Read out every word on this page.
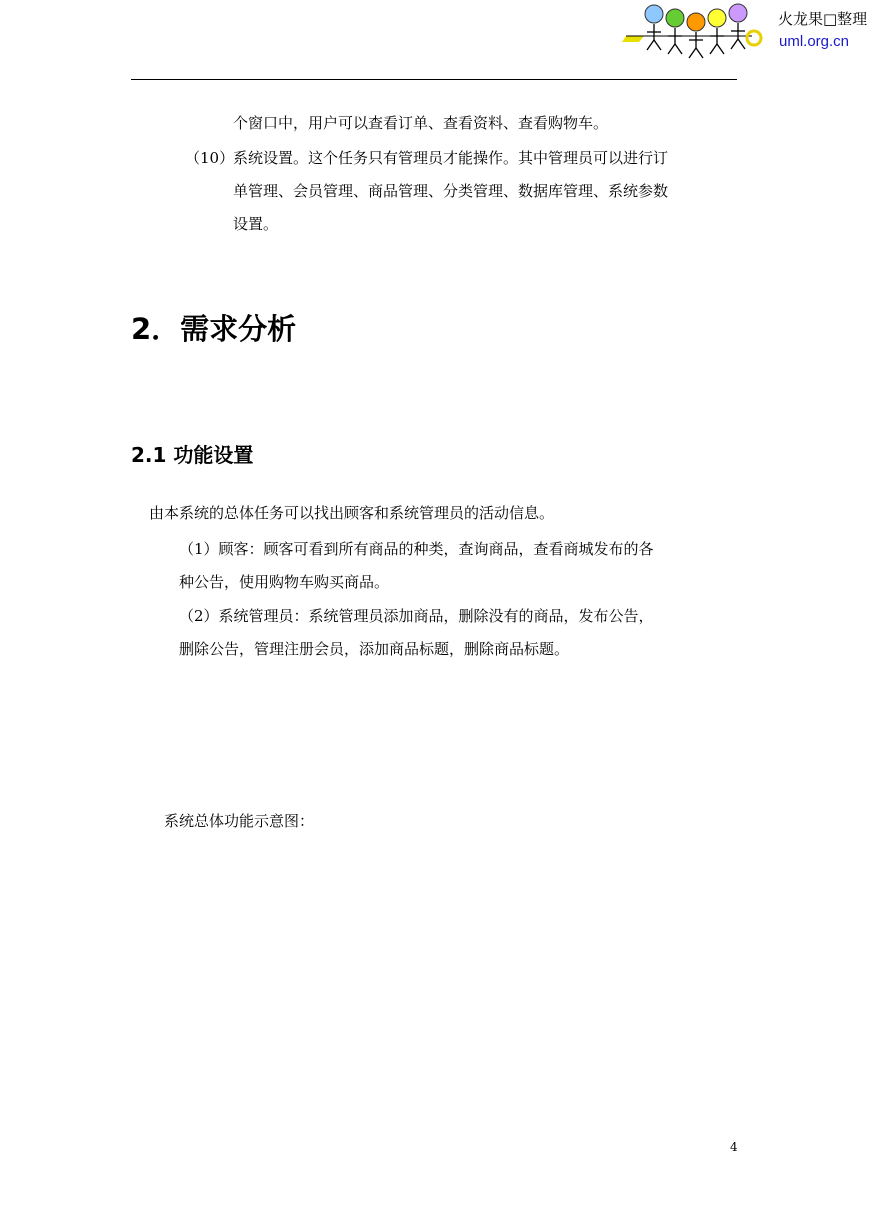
火龙果□整理
uml.org.cn
个窗口中，用户可以查看订单、查看资料、查看购物车。
（10）
系统设置。这个任务只有管理员才能操作。其中管理员可以进行订
单管理、会员管理、商品管理、分类管理、数据库管理、系统参数
设置。
2．需求分析
2.1 功能设置
由本系统的总体任务可以找出顾客和系统管理员的活动信息。
（1）顾客：顾客可看到所有商品的种类，查询商品，查看商城发布的各
种公告，使用购物车购买商品。
（2）系统管理员：系统管理员添加商品，删除没有的商品，发布公告，
删除公告，管理注册会员，添加商品标题，删除商品标题。
系统总体功能示意图：
4
